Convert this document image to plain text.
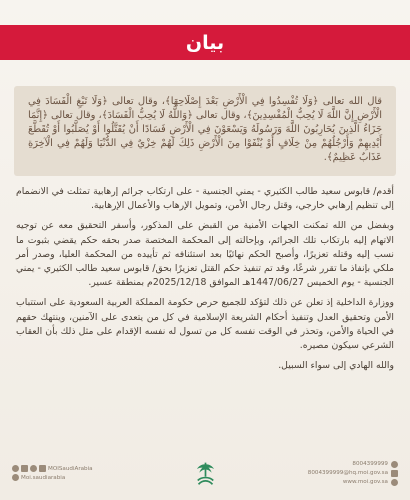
بيان

قال الله تعالى ﴿وَلَا تُفْسِدُوا فِي الْأَرْضِ بَعْدَ إِصْلَاحِهَا﴾، وقال تعالى ﴿وَلَا تَبْغِ الْفَسَادَ فِي الْأَرْضِ إِنَّ اللَّهَ لَا يُحِبُّ الْمُفْسِدِينَ﴾، وقال تعالى ﴿وَاللَّهُ لَا يُحِبُّ الْفَسَادَ﴾، وقال تعالى ﴿إِنَّمَا جَزَاءُ الَّذِينَ يُحَارِبُونَ اللَّهَ وَرَسُولَهُ وَيَسْعَوْنَ فِي الْأَرْضِ فَسَادًا أَنْ يُقَتَّلُوا أَوْ يُصَلَّبُوا أَوْ تُقَطَّعَ أَيْدِيهِمْ وَأَرْجُلُهُمْ مِنْ خِلَافٍ أَوْ يُنْفَوْا مِنَ الْأَرْضِ ذَلِكَ لَهُمْ خِزْيٌ فِي الدُّنْيَا وَلَهُمْ فِي الْآخِرَةِ عَذَابٌ عَظِيمٌ﴾.

أقدم/ قابوس سعيد طالب الكثيري - يمني الجنسية - على ارتكاب جرائم إرهابية تمثلت في الانضمام إلى تنظيم إرهابي خارجي، وقتل رجال الأمن، وتمويل الإرهاب والأعمال الإرهابية.

وبفضل من الله تمكنت الجهات الأمنية من القبض على المذكور، وأسفر التحقيق معه عن توجيه الاتهام إليه بارتكاب تلك الجرائم، وبإحالته إلى المحكمة المختصة صدر بحقه حكم يقضي بثبوت ما نسب إليه وقتله تعزيرًا، وأصبح الحكم نهائيًا بعد استئنافه ثم تأييده من المحكمة العليا، وصدر أمر ملكي بإنفاذ ما تقرر شرعًا، وقد تم تنفيذ حكم القتل تعزيرًا بحق/ قابوس سعيد طالب الكثيري - يمني الجنسية - يوم الخميس 1447/06/27هـ الموافق 2025/12/18م بمنطقة عسير.

ووزارة الداخلية إذ تعلن عن ذلك لتؤكد للجميع حرص حكومة المملكة العربية السعودية على استتباب الأمن وتحقيق العدل وتنفيذ أحكام الشريعة الإسلامية في كل من يتعدى على الآمنين، وينتهك حقهم في الحياة والأمن، وتحذر في الوقت نفسه كل من تسول له نفسه الإقدام على مثل ذلك بأن العقاب الشرعي سيكون مصيره.

والله الهادي إلى سواء السبيل.

MOISaudiArabia
Moi.saudiarabia
8004399999
8004399999@hq.moi.gov.sa
www.moi.gov.sa
